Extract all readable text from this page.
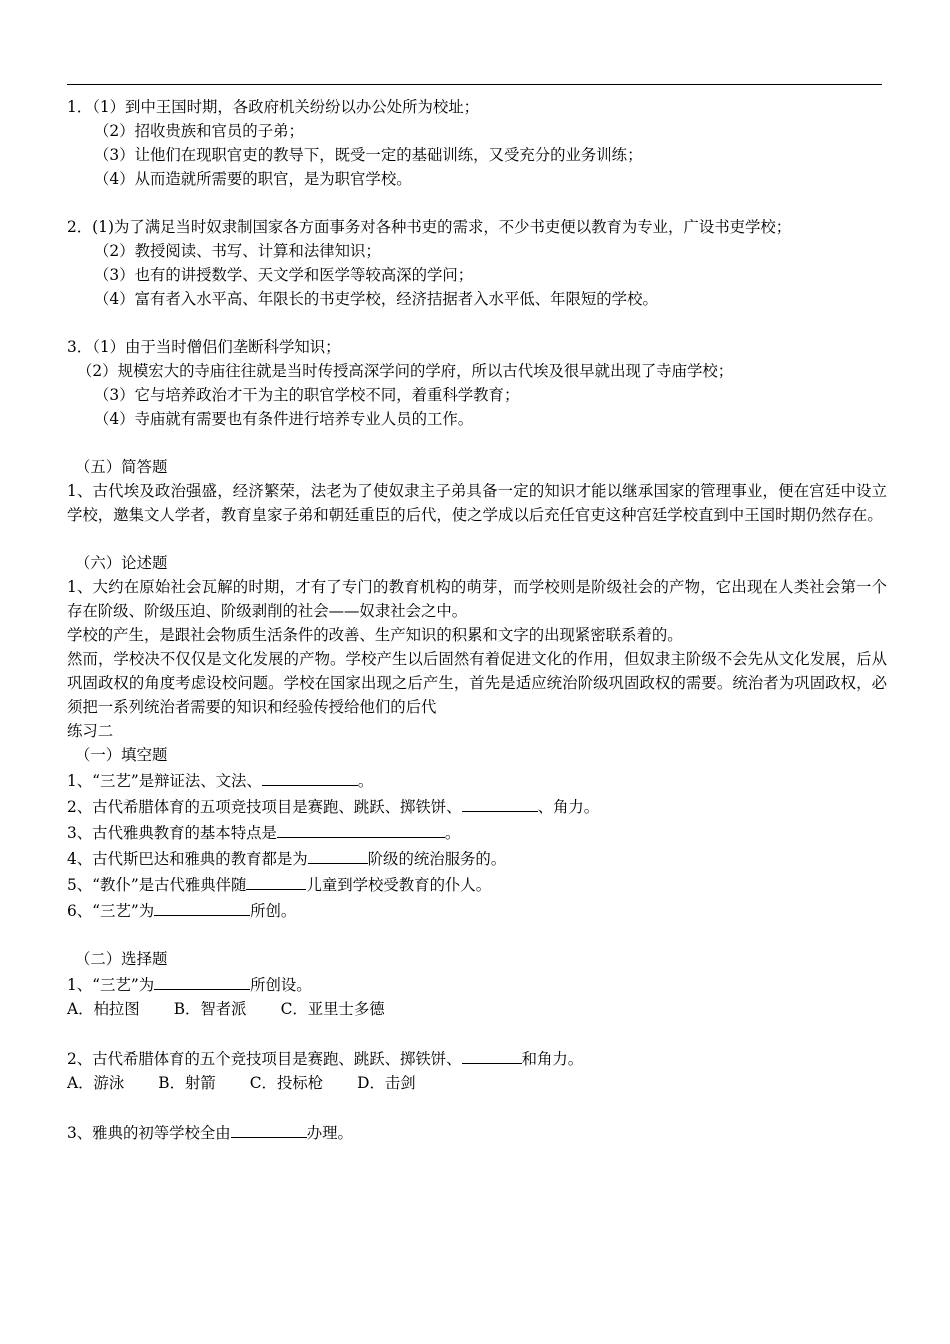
1．（1）到中王国时期，各政府机关纷纷以办公处所为校址；
（2）招收贵族和官员的子弟；
（3）让他们在现职官吏的教导下，既受一定的基础训练，又受充分的业务训练；
（4）从而造就所需要的职官，是为职官学校。
2．(1)为了满足当时奴隶制国家各方面事务对各种书吏的需求，不少书吏便以教育为专业，广设书吏学校；
（2）教授阅读、书写、计算和法律知识；
（3）也有的讲授数学、天文学和医学等较高深的学问；
（4）富有者入水平高、年限长的书吏学校，经济拮据者入水平低、年限短的学校。
3．（1）由于当时僧侣们垄断科学知识；
（2）规模宏大的寺庙往往就是当时传授高深学问的学府，所以古代埃及很早就出现了寺庙学校；
（3）它与培养政治才干为主的职官学校不同，着重科学教育；
（4）寺庙就有需要也有条件进行培养专业人员的工作。
（五）简答题
1、古代埃及政治强盛，经济繁荣，法老为了使奴隶主子弟具备一定的知识才能以继承国家的管理事业，便在宫廷中设立学校，邀集文人学者，教育皇家子弟和朝廷重臣的后代，使之学成以后充任官吏这种宫廷学校直到中王国时期仍然存在。
（六）论述题
1、大约在原始社会瓦解的时期，才有了专门的教育机构的萌芽，而学校则是阶级社会的产物，它出现在人类社会第一个存在阶级、阶级压迫、阶级剥削的社会——奴隶社会之中。
学校的产生，是跟社会物质生活条件的改善、生产知识的积累和文字的出现紧密联系着的。
然而，学校决不仅仅是文化发展的产物。学校产生以后固然有着促进文化的作用，但奴隶主阶级不会先从文化发展，后从巩固政权的角度考虑设校问题。学校在国家出现之后产生，首先是适应统治阶级巩固政权的需要。统治者为巩固政权，必须把一系列统治者需要的知识和经验传授给他们的后代
练习二
（一）填空题
1、“三艺”是辩证法、文法、	。
2、古代希腊体育的五项竞技项目是赛跑、跳跃、掷铁饼、	、角力。
3、古代雅典教育的基本特点是	。
4、古代斯巴达和雅典的教育都是为	阶级的统治服务的。
5、“教仆”是古代雅典伴随	儿童到学校受教育的仆人。
6、“三艺”为	所创。
（二）选择题
1、“三艺”为	所创设。
A．柏拉图 B．智者派 C．亚里士多德
2、古代希腊体育的五个竞技项目是赛跑、跳跃、掷铁饼、	和角力。
A．游泳 B．射箭 C．投标枪 D．击剑
3、雅典的初等学校全由	办理。
